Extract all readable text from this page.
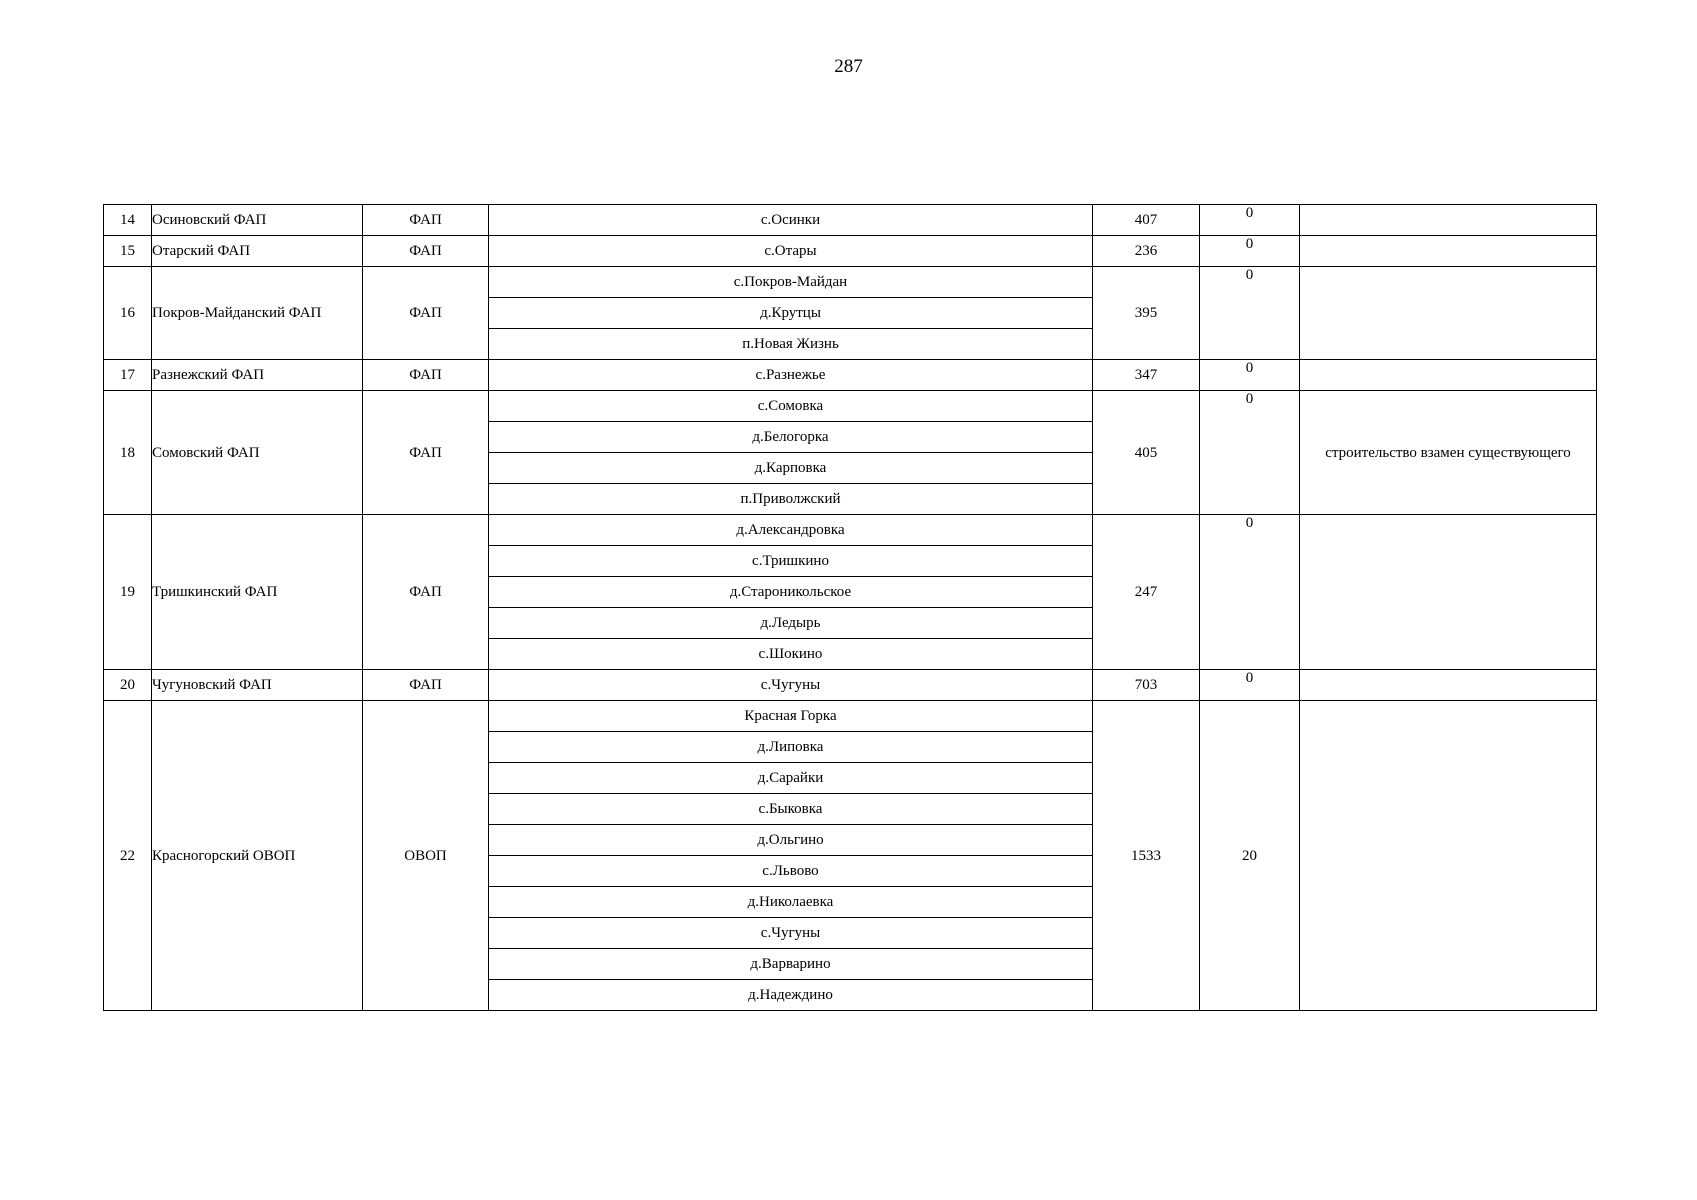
287
14	Осиновский ФАП	ФАП	с.Осинки	407	0	
15	Отарский ФАП	ФАП	с.Отары	236	0	
16	Покров-Майданский ФАП	ФАП	с.Покров-Майдан	395	0	
			д.Крутцы			
			п.Новая Жизнь			
17	Разнежский ФАП	ФАП	с.Разнежье	347	0	
18	Сомовский ФАП	ФАП	с.Сомовка	405	0	строительство взамен существующего
			д.Белогорка			
			д.Карповка			
			п.Приволжский			
19	Тришкинский ФАП	ФАП	д.Александровка	247	0	
			с.Тришкино			
			д.Староникольское			
			д.Ледырь			
			с.Шокино			
20	Чугуновский ФАП	ФАП	с.Чугуны	703	0	
22	Красногорский ОВОП	ОВОП	Красная Горка	1533	20	
			д.Липовка			
			д.Сарайки			
			с.Быковка			
			д.Ольгино			
			с.Львово			
			д.Николаевка			
			с.Чугуны			
			д.Варварино			
			д.Надеждино			
